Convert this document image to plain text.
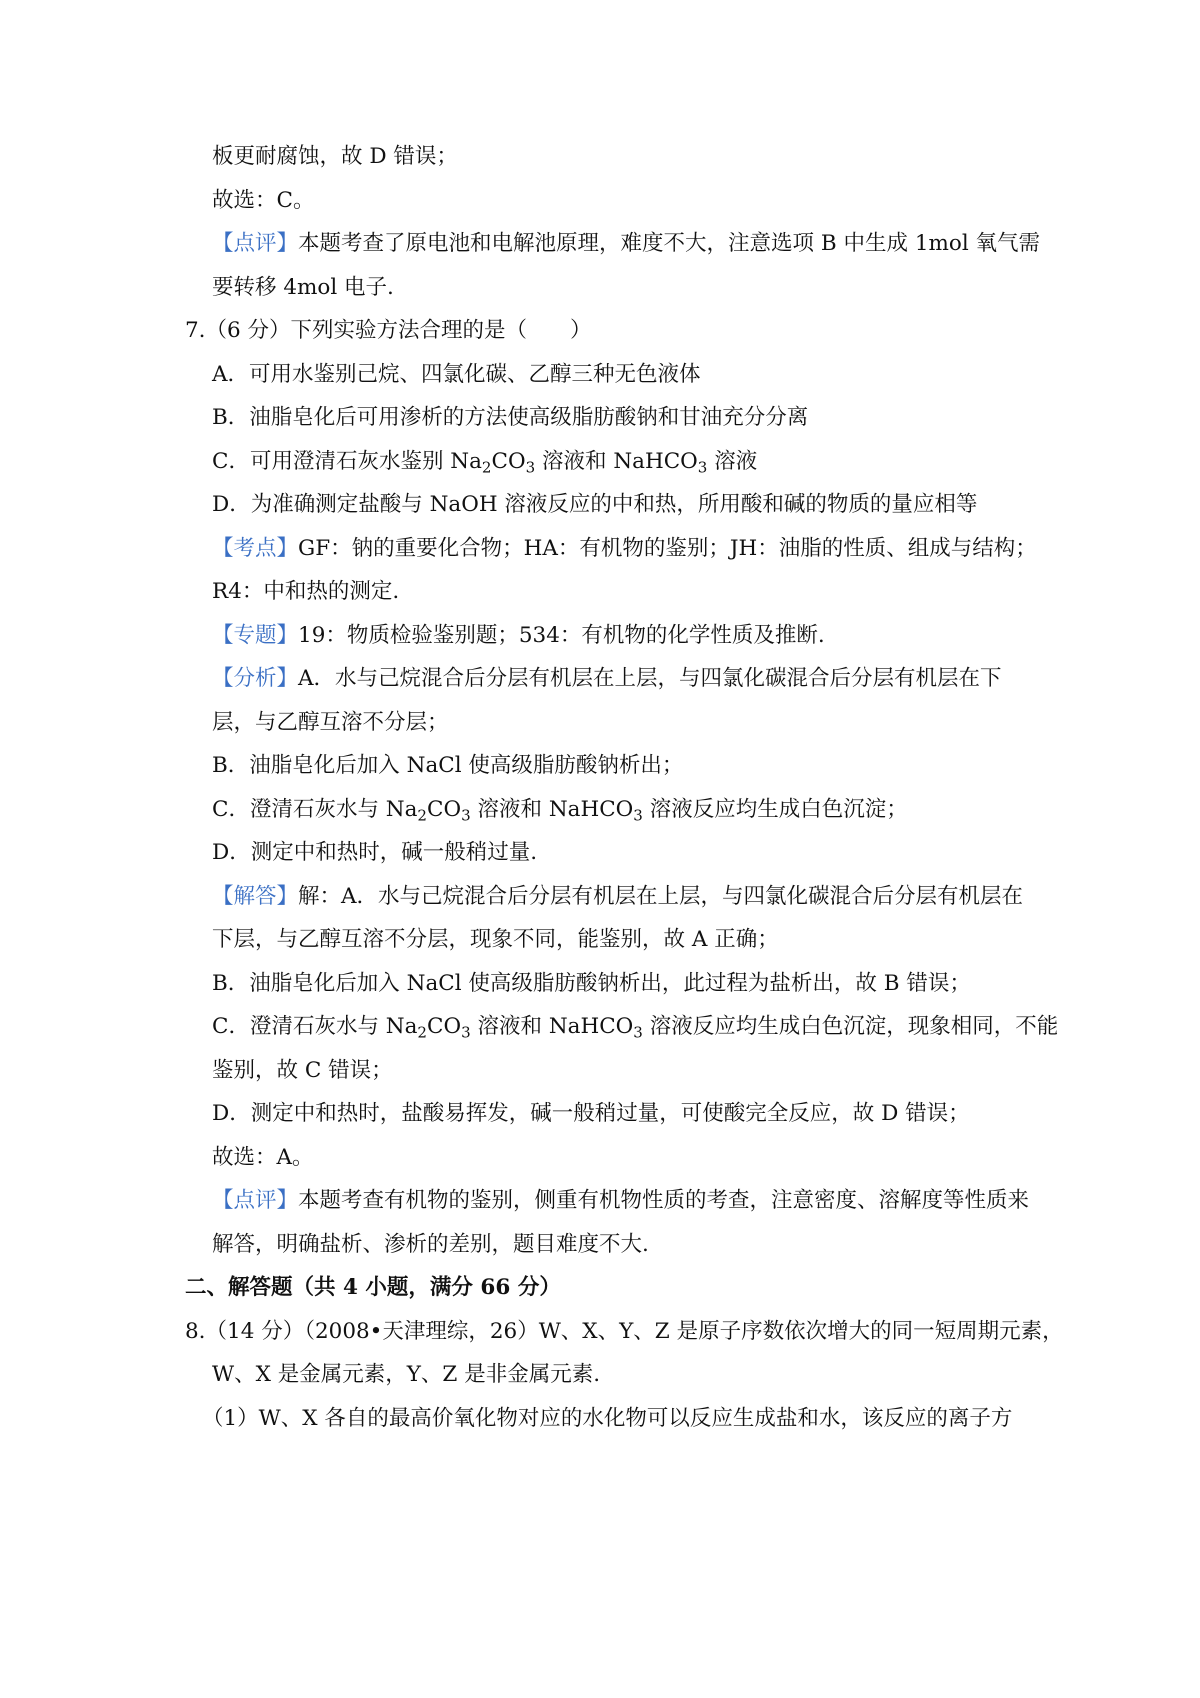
板更耐腐蚀，故 D 错误；
故选：C。
【点评】本题考查了原电池和电解池原理，难度不大，注意选项 B 中生成 1mol 氧气需
要转移 4mol 电子.
7.（6 分）下列实验方法合理的是（　　）
A．可用水鉴别己烷、四氯化碳、乙醇三种无色液体
B．油脂皂化后可用渗析的方法使高级脂肪酸钠和甘油充分分离
C．可用澄清石灰水鉴别 $Na_2CO_3$ 溶液和 NaHCO$_3$ 溶液
D．为准确测定盐酸与 NaOH 溶液反应的中和热，所用酸和碱的物质的量应相等
【考点】GF：钠的重要化合物；HA：有机物的鉴别；JH：油脂的性质、组成与结构；
R4：中和热的测定.
【专题】19：物质检验鉴别题；534：有机物的化学性质及推断.
【分析】A．水与己烷混合后分层有机层在上层，与四氯化碳混合后分层有机层在下
层，与乙醇互溶不分层；
B．油脂皂化后加入 NaCl 使高级脂肪酸钠析出；
C．澄清石灰水与 $Na_2CO_3$ 溶液和 NaHCO$_3$ 溶液反应均生成白色沉淀；
D．测定中和热时，碱一般稍过量.
【解答】解：A．水与己烷混合后分层有机层在上层，与四氯化碳混合后分层有机层在
下层，与乙醇互溶不分层，现象不同，能鉴别，故 A 正确；
B．油脂皂化后加入 NaCl 使高级脂肪酸钠析出，此过程为盐析出，故 B 错误；
C．澄清石灰水与 $Na_2CO_3$ 溶液和 NaHCO$_3$ 溶液反应均生成白色沉淀，现象相同，不能
鉴别，故 C 错误；
D．测定中和热时，盐酸易挥发，碱一般稍过量，可使酸完全反应，故 D 错误；
故选：A。
【点评】本题考查有机物的鉴别，侧重有机物性质的考查，注意密度、溶解度等性质来
解答，明确盐析、渗析的差别，题目难度不大.
二、解答题（共 4 小题，满分 66 分）
8.（14 分）（2008•天津理综，26）W、X、Y、Z 是原子序数依次增大的同一短周期元素，
W、X 是金属元素，Y、Z 是非金属元素.
（1）W、X 各自的最高价氧化物对应的水化物可以反应生成盐和水，该反应的离子方
